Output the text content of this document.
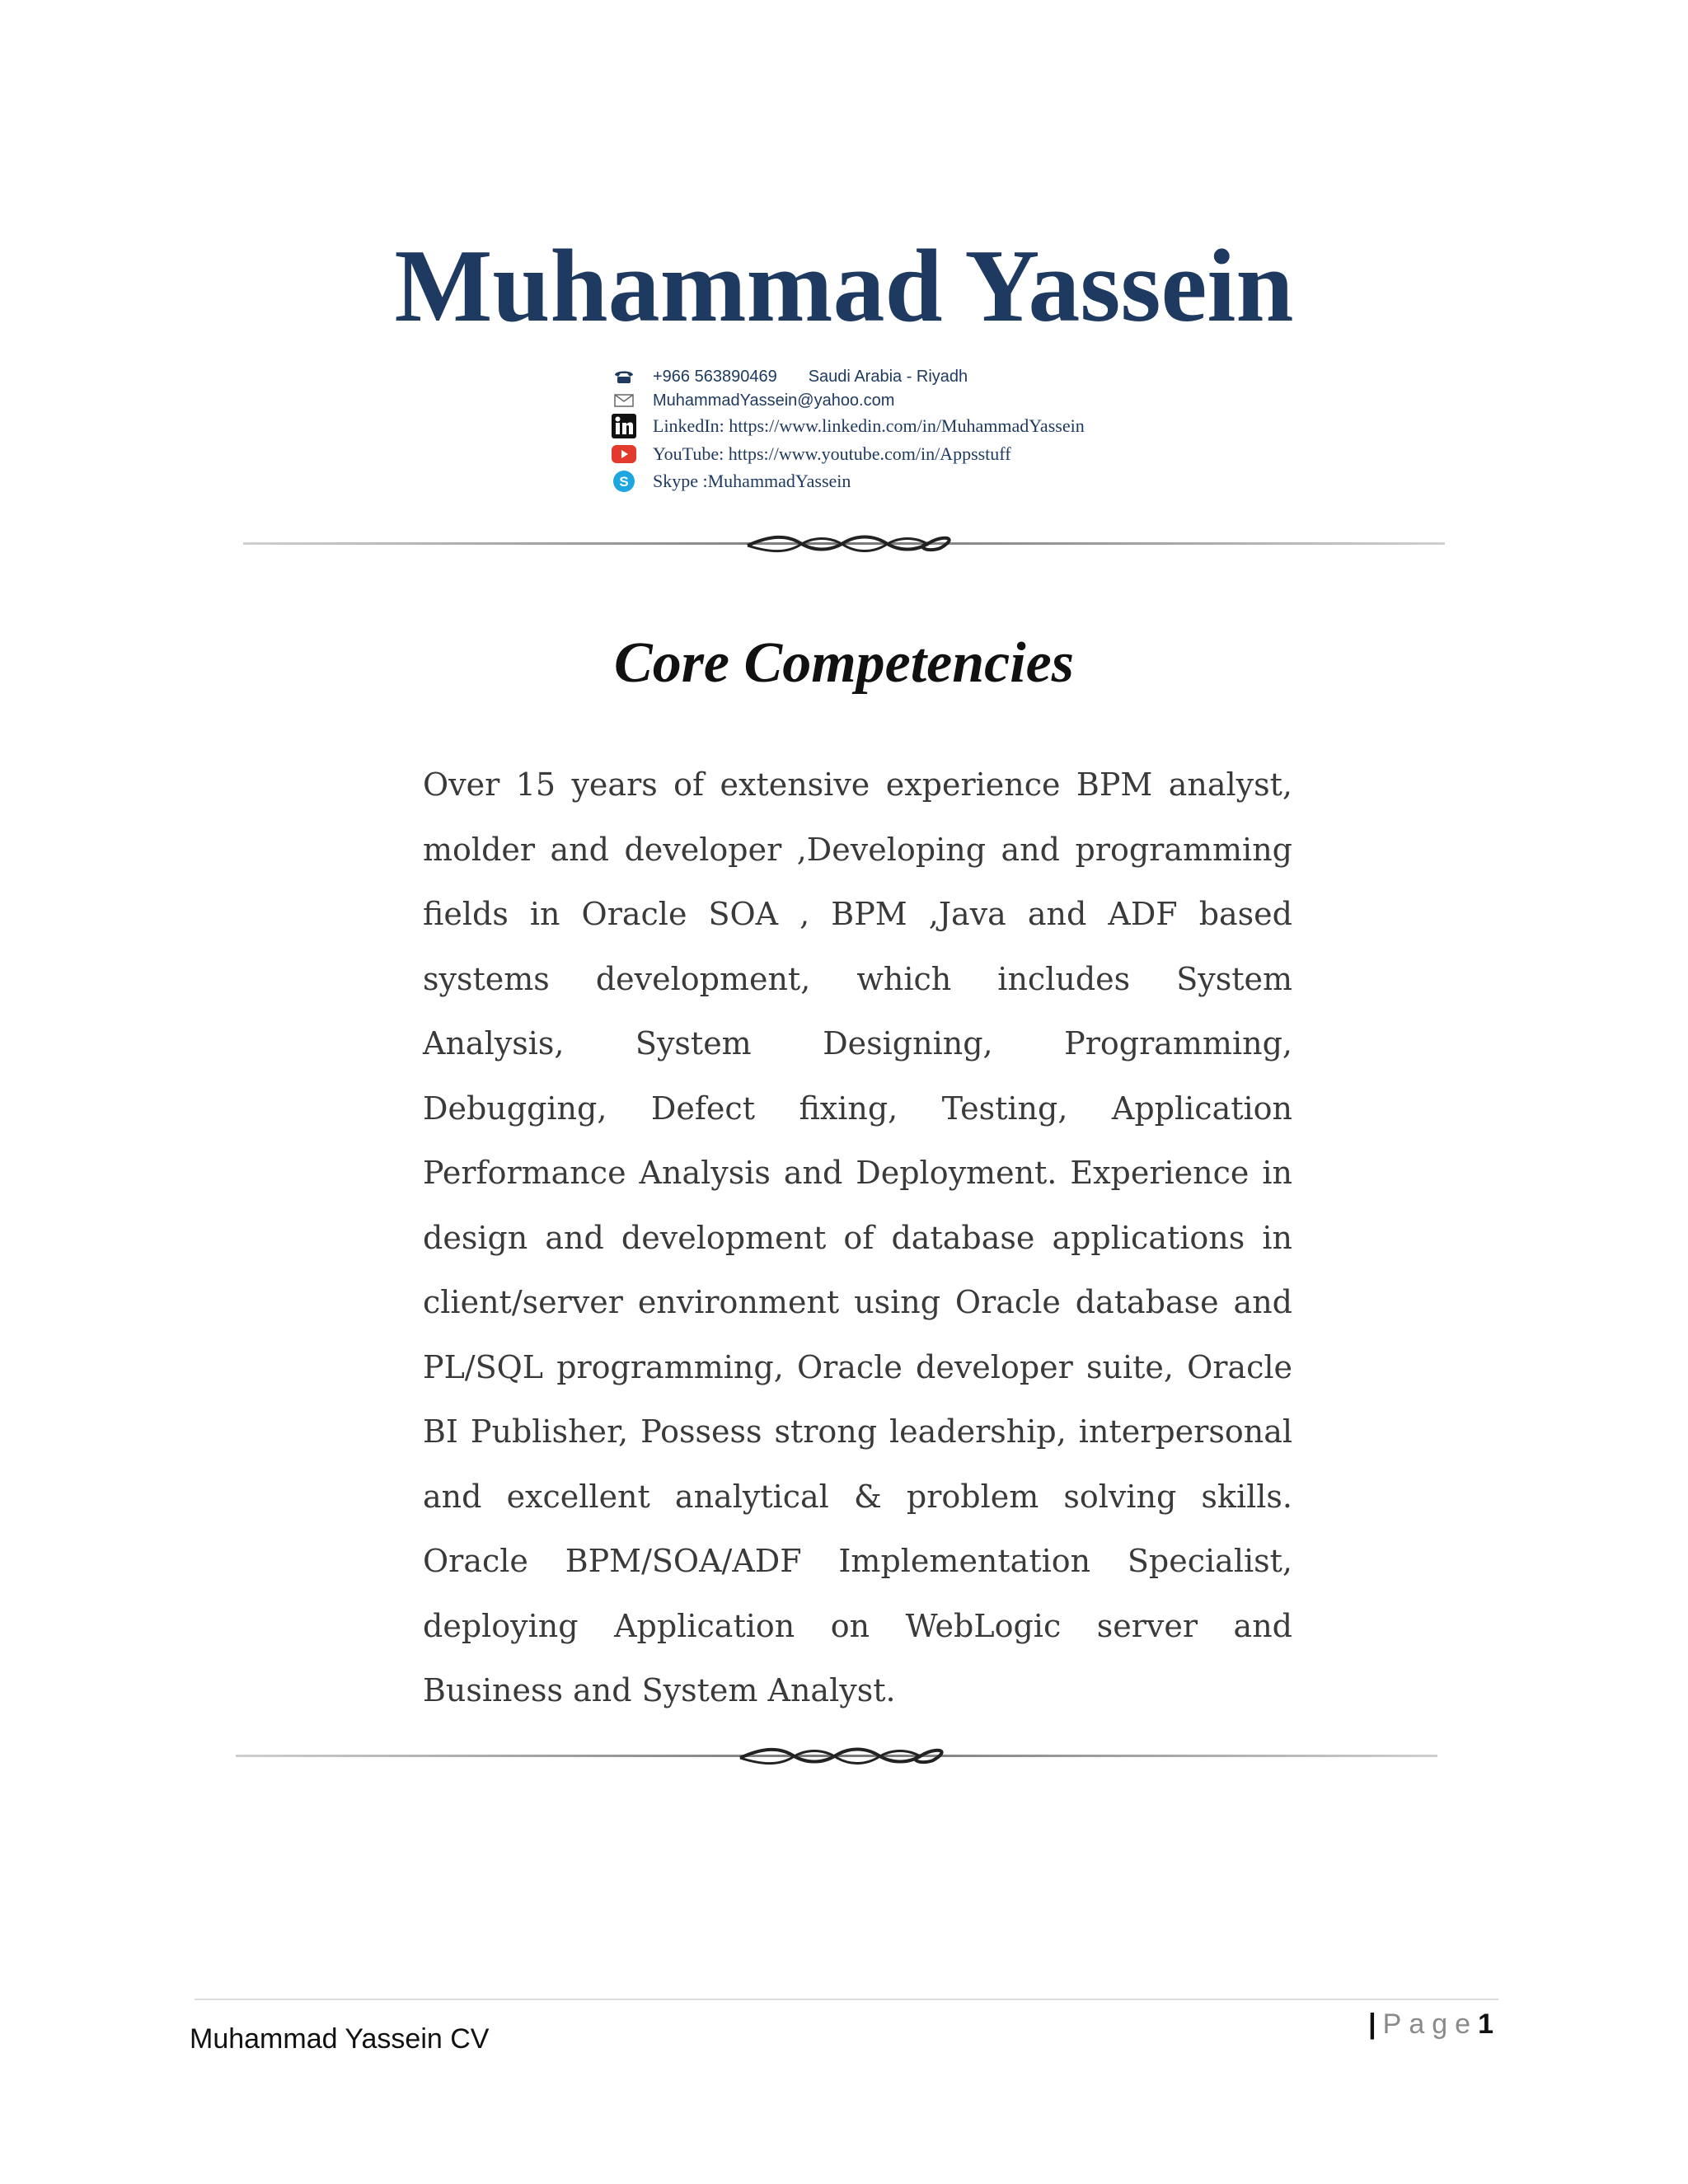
Muhammad Yassein
+966 563890469 Saudi Arabia - Riyadh
MuhammadYassein@yahoo.com
LinkedIn: https://www.linkedin.com/in/MuhammadYassein
YouTube: https://www.youtube.com/in/Appsstuff
S Skype :MuhammadYassein
Core Competencies

Over 15 years of extensive experience BPM analyst, molder and developer ,Developing and programming fields in Oracle SOA , BPM ,Java and ADF based systems development, which includes System Analysis, System Designing, Programming, Debugging, Defect fixing, Testing, Application Performance Analysis and Deployment. Experience in design and development of database applications in client/server environment using Oracle database and PL/SQL programming, Oracle developer suite, Oracle BI Publisher, Possess strong leadership, interpersonal and excellent analytical & problem solving skills. Oracle BPM/SOA/ADF Implementation Specialist, deploying Application on WebLogic server and Business and System Analyst.

Muhammad Yassein CV	| Page1
